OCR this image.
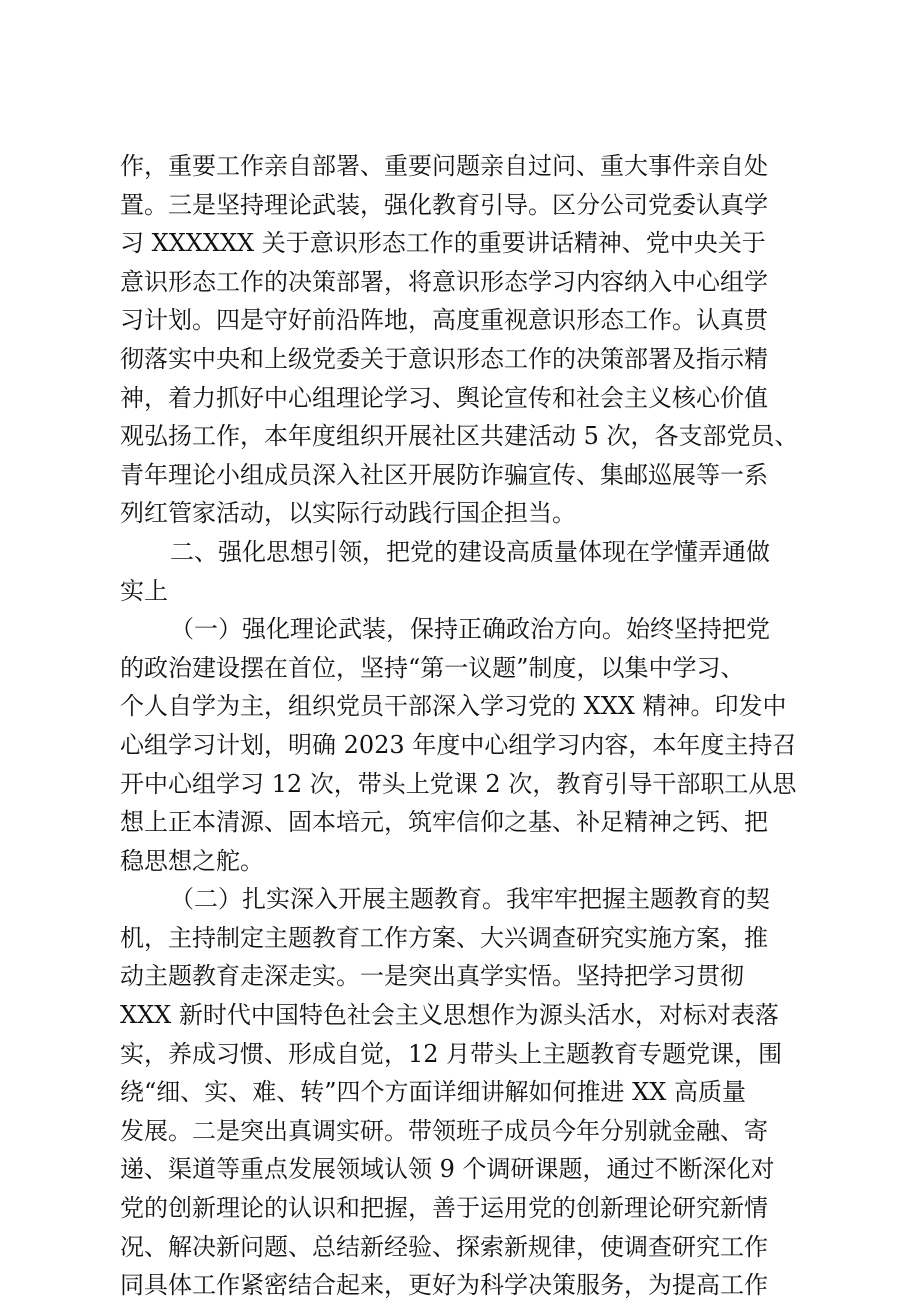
作，重要工作亲自部署、重要问题亲自过问、重大事件亲自处
置。三是坚持理论武装，强化教育引导。区分公司党委认真学
习 XXXXXX 关于意识形态工作的重要讲话精神、党中央关于
意识形态工作的决策部署，将意识形态学习内容纳入中心组学
习计划。四是守好前沿阵地，高度重视意识形态工作。认真贯
彻落实中央和上级党委关于意识形态工作的决策部署及指示精
神，着力抓好中心组理论学习、舆论宣传和社会主义核心价值
观弘扬工作，本年度组织开展社区共建活动 5 次，各支部党员、
青年理论小组成员深入社区开展防诈骗宣传、集邮巡展等一系
列红管家活动，以实际行动践行国企担当。
二、强化思想引领，把党的建设高质量体现在学懂弄通做
实上
（一）强化理论武装，保持正确政治方向。始终坚持把党
的政治建设摆在首位，坚持“第一议题”制度，以集中学习、
个人自学为主，组织党员干部深入学习党的 XXX 精神。印发中
心组学习计划，明确 2023 年度中心组学习内容，本年度主持召
开中心组学习 12 次，带头上党课 2 次，教育引导干部职工从思
想上正本清源、固本培元，筑牢信仰之基、补足精神之钙、把
稳思想之舵。
（二）扎实深入开展主题教育。我牢牢把握主题教育的契
机，主持制定主题教育工作方案、大兴调查研究实施方案，推
动主题教育走深走实。一是突出真学实悟。坚持把学习贯彻
XXX 新时代中国特色社会主义思想作为源头活水，对标对表落
实，养成习惯、形成自觉，12 月带头上主题教育专题党课，围
绕“细、实、难、转”四个方面详细讲解如何推进 XX 高质量
发展。二是突出真调实研。带领班子成员今年分别就金融、寄
递、渠道等重点发展领域认领 9 个调研课题，通过不断深化对
党的创新理论的认识和把握，善于运用党的创新理论研究新情
况、解决新问题、总结新经验、探索新规律，使调查研究工作
同具体工作紧密结合起来，更好为科学决策服务，为提高工作
